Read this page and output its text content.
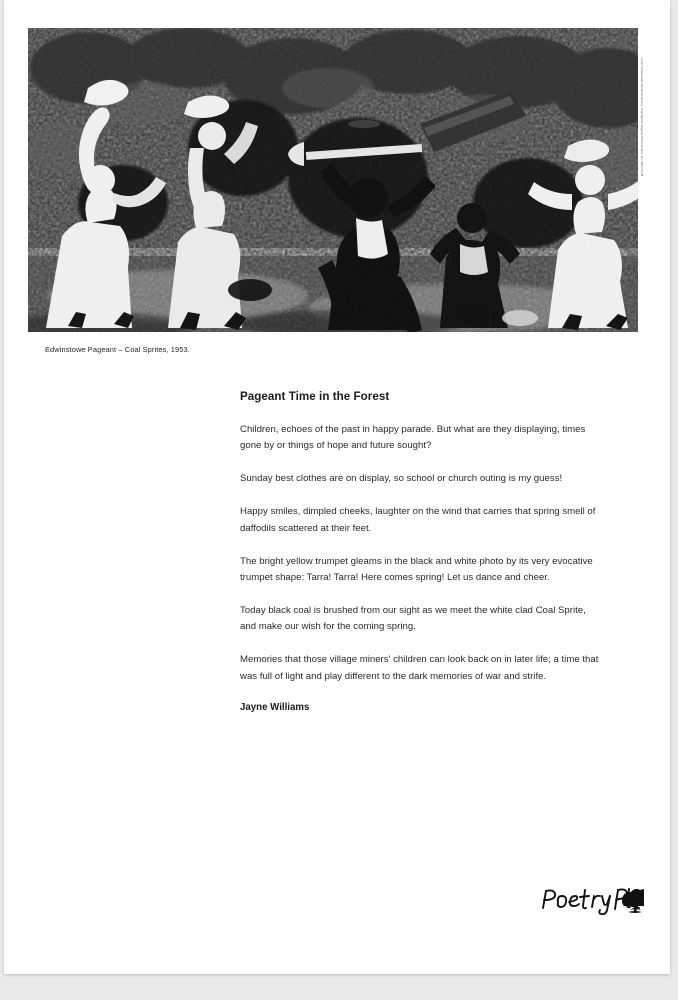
Credit: Edwinstowe Historical Society, Coal Sprites Pageant Photo Archive, ref. 1953.CS.08
Edwinstowe Pageant – Coal Sprites, 1953.
Pageant Time in the Forest

Children, echoes of the past in happy parade. But what are they displaying, times gone by or things of hope and future sought?

Sunday best clothes are on display, so school or church outing is my guess!

Happy smiles, dimpled cheeks, laughter on the wind that carries that spring smell of daffodils scattered at their feet.

The bright yellow trumpet gleams in the black and white photo by its very evocative trumpet shape: Tarra! Tarra! Here comes spring! Let us dance and cheer.

Today black coal is brushed from our sight as we meet the white clad Coal Sprite, and make our wish for the coming spring.

Memories that those village miners' children can look back on in later life; a time that was full of light and play different to the dark memories of war and strife.

Jayne Williams
